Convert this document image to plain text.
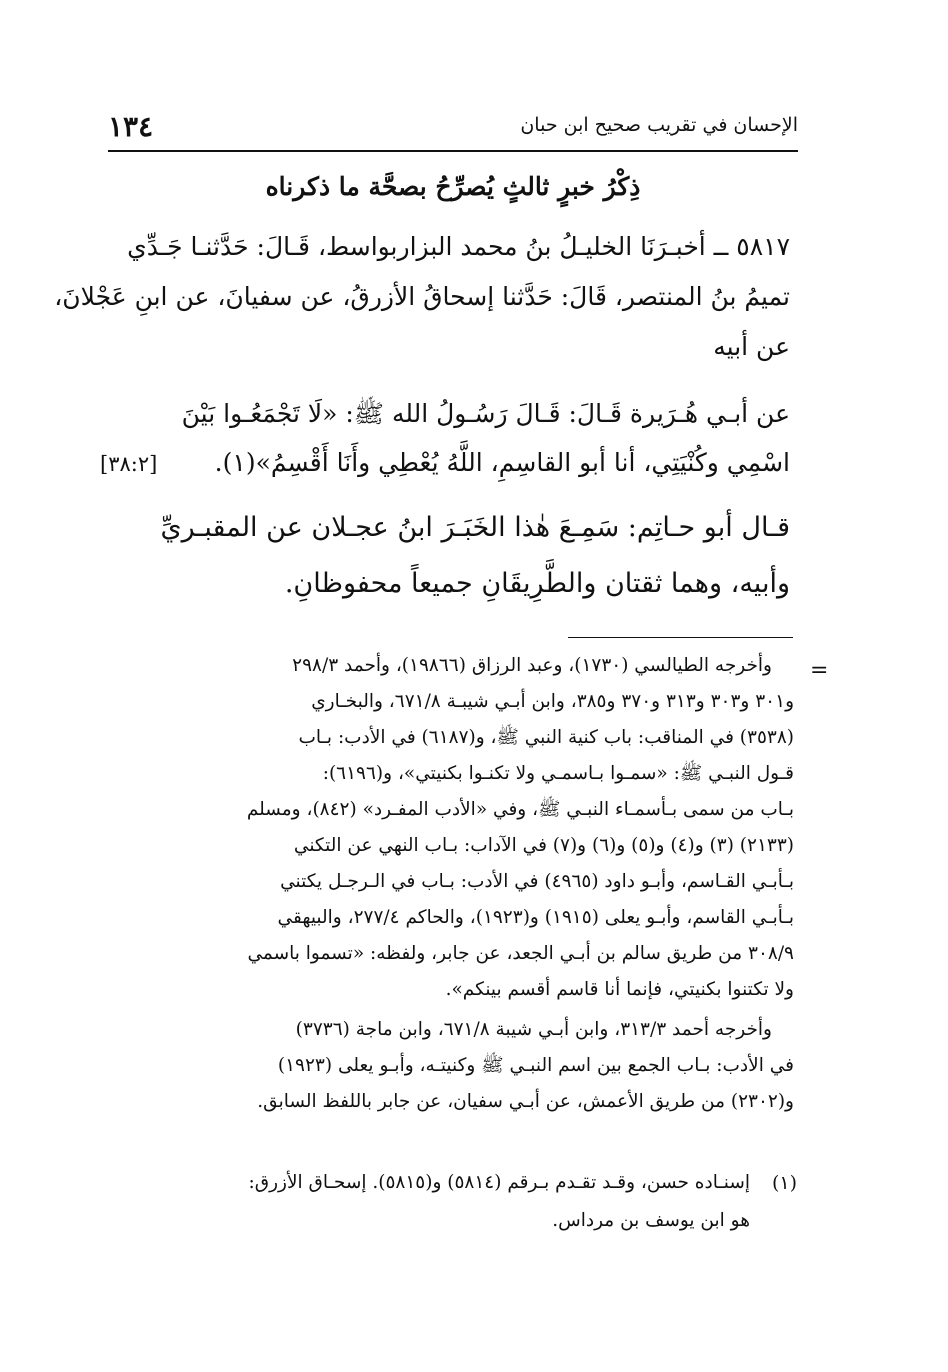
الإحسان في تقريب صحيح ابن حبان
١٣٤
ذِكْرُ خبرٍ ثالثٍ يُصرِّحُ بصحَّة ما ذكرناه
٥٨١٧ ــ أخبـرَنَا الخليـلُ بنُ محمد البزاربواسط، قَـالَ: حَدَّثنـا جَـدِّي
تميمُ بنُ المنتصر، قَالَ: حَدَّثنا إسحاقُ الأزرقُ، عن سفيانَ، عن ابنِ عَجْلانَ،
عن أبيه
عن أبـي هُـرَيرة قَـالَ: قَـالَ رَسُـولُ الله ﷺ: «لَا تَجْمَعُـوا بَيْنَ
اسْمِي وكُنْيَتِي، أنا أبو القاسِمِ، اللَّهُ يُعْطِي وأَنَا أَقْسِمُ»(١).
[٣٨:٢]
قـال أبو حـاتِم: سَمِـعَ هٰذا الخَبَـرَ ابنُ عجـلان عن المقبـريِّ
وأبيه، وهما ثقتان والطَّرِيقَانِ جميعاً محفوظانِ.
=
وأخرجه الطيالسي (١٧٣٠)، وعبد الرزاق (١٩٨٦٦)، وأحمد ٢٩٨/٣
و٣٠١ و٣٠٣ و٣١٣ و٣٧٠ و٣٨٥، وابن أبـي شيبـة ٦٧١/٨، والبخـاري
(٣٥٣٨) في المناقب: باب كنية النبي ﷺ، و(٦١٨٧) في الأدب: بـاب
قـول النبـي ﷺ: «سمـوا بـاسمـي ولا تكنـوا بكنيتي»، و(٦١٩٦):
بـاب من سمى بـأسمـاء النبـي ﷺ، وفي «الأدب المفـرد» (٨٤٢)، ومسلم
(٢١٣٣) (٣) و(٤) و(٥) و(٦) و(٧) في الآداب: بـاب النهي عن التكني
بـأبـي القـاسم، وأبـو داود (٤٩٦٥) في الأدب: بـاب في الـرجـل يكتني
بـأبـي القاسم، وأبـو يعلى (١٩١٥) و(١٩٢٣)، والحاكم ٢٧٧/٤، والبيهقي
٣٠٨/٩ من طريق سالم بن أبـي الجعد، عن جابر، ولفظه: «تسموا باسمي
ولا تكتنوا بكنيتي، فإنما أنا قاسم أقسم بينكم».
وأخرجه أحمد ٣١٣/٣، وابن أبـي شيبة ٦٧١/٨، وابن ماجة (٣٧٣٦)
في الأدب: بـاب الجمع بين اسم النبـي ﷺ وكنيتـه، وأبـو يعلى (١٩٢٣)
و(٢٣٠٢) من طريق الأعمش، عن أبـي سفيان، عن جابر باللفظ السابق.
(١)
إسنـاده حسن، وقـد تقـدم بـرقم (٥٨١٤) و(٥٨١٥). إسحـاق الأزرق:
هو ابن يوسف بن مرداس.
